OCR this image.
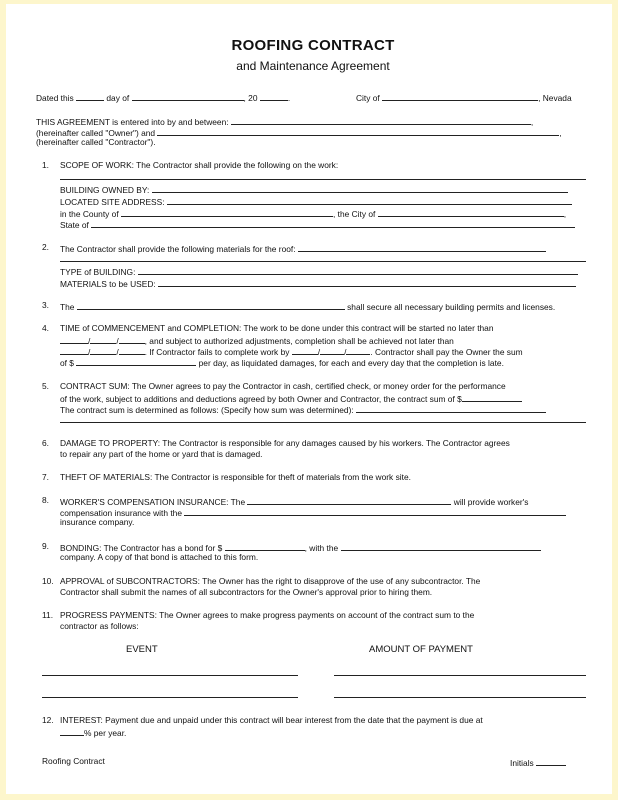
ROOFING CONTRACT
and Maintenance Agreement
Dated this	day of	, 20	.	City of	, Nevada
THIS AGREEMENT is entered into by and between:	,
(hereinafter called "Owner") and	,
(hereinafter called "Contractor").
1. SCOPE OF WORK: The Contractor shall provide the following on the work:
BUILDING OWNED BY:
LOCATED SITE ADDRESS:
in the County of	, the City of	,
State of
2. The Contractor shall provide the following materials for the roof:
TYPE of BUILDING:
MATERIALS to be USED:
3. The	shall secure all necessary building permits and licenses.
4. TIME of COMMENCEMENT and COMPLETION: The work to be done under this contract will be started no later than
/	/	, and subject to authorized adjustments, completion shall be achieved not later than
/	/	. If Contractor fails to complete work by	/	/	. Contractor shall pay the Owner the sum
of $	per day, as liquidated damages, for each and every day that the completion is late.
5. CONTRACT SUM: The Owner agrees to pay the Contractor in cash, certified check, or money order for the performance
of the work, subject to additions and deductions agreed by both Owner and Contractor, the contract sum of $
The contract sum is determined as follows: (Specify how sum was determined):
6. DAMAGE TO PROPERTY: The Contractor is responsible for any damages caused by his workers. The Contractor agrees
to repair any part of the home or yard that is damaged.
7. THEFT OF MATERIALS: The Contractor is responsible for theft of materials from the work site.
8. WORKER'S COMPENSATION INSURANCE: The	will provide worker's
compensation insurance with the
insurance company.
9. BONDING: The Contractor has a bond for $	, with the
company. A copy of that bond is attached to this form.
10. APPROVAL of SUBCONTRACTORS: The Owner has the right to disapprove of the use of any subcontractor. The
Contractor shall submit the names of all subcontractors for the Owner's approval prior to hiring them.
11. PROGRESS PAYMENTS: The Owner agrees to make progress payments on account of the contract sum to the
contractor as follows:
EVENT	AMOUNT OF PAYMENT
12. INTEREST: Payment due and unpaid under this contract will bear interest from the date that the payment is due at
% per year.
Roofing Contract	Initials
